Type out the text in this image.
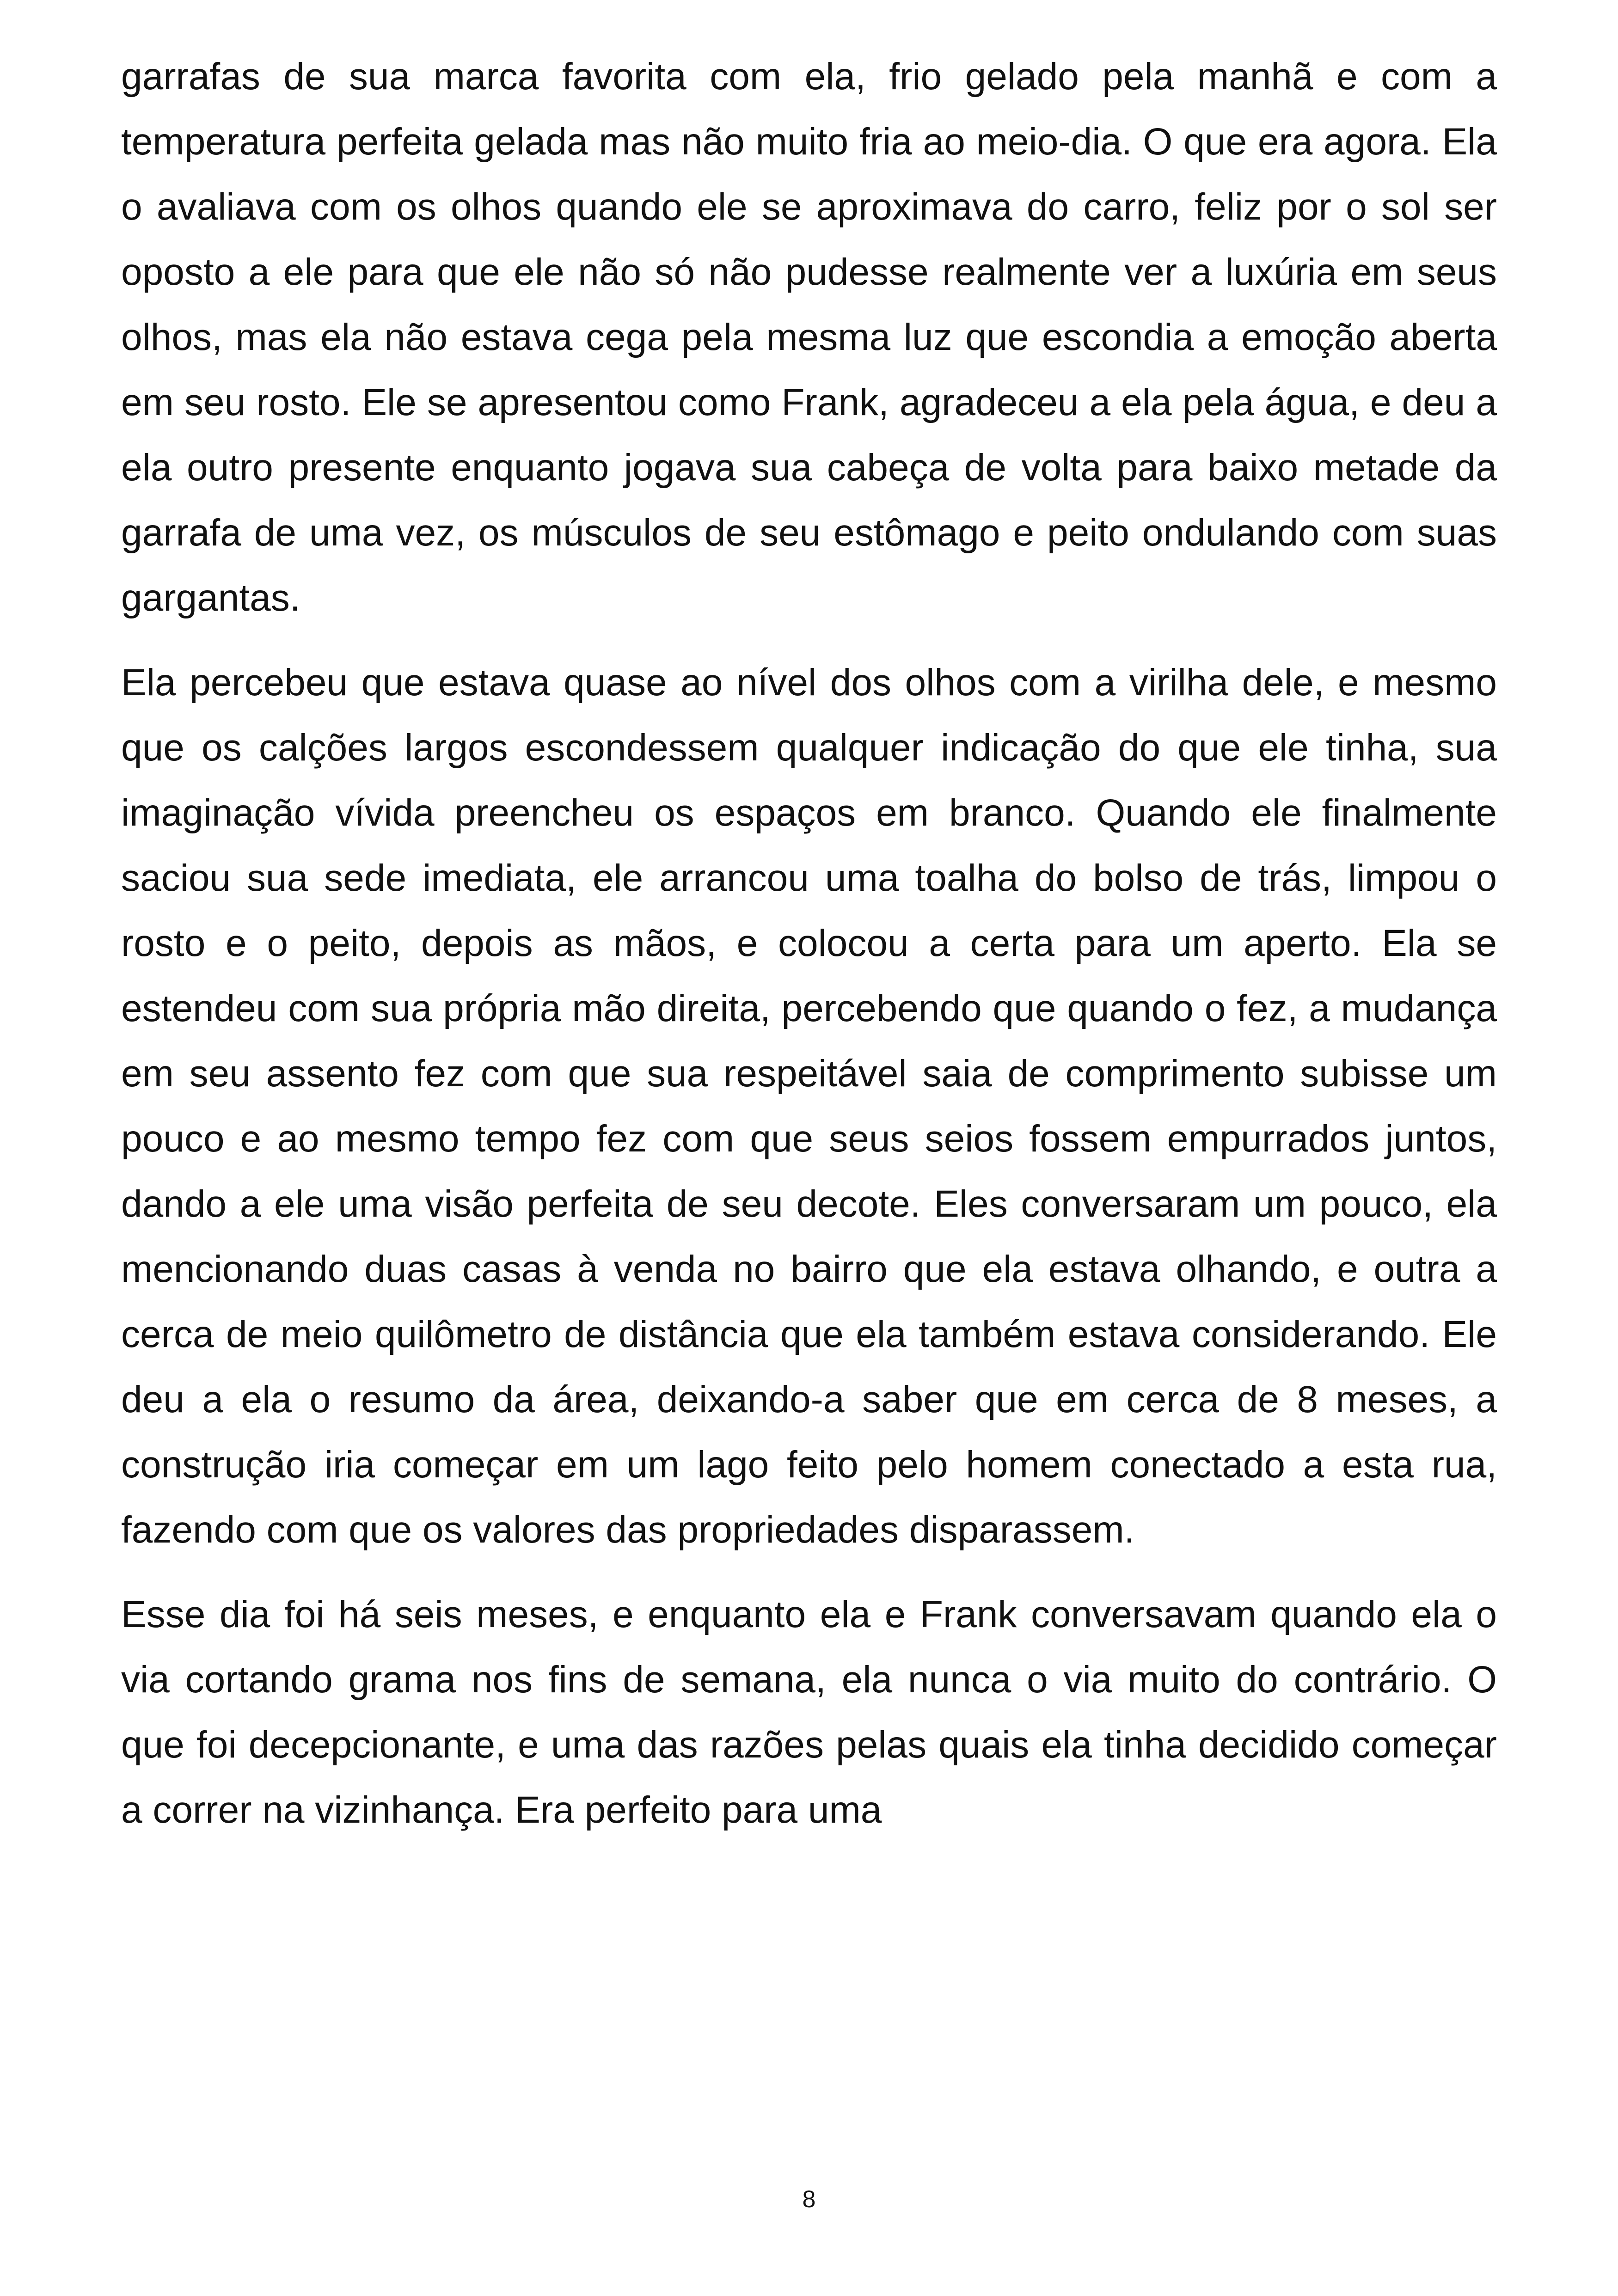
garrafas de sua marca favorita com ela, frio gelado pela manhã e com a temperatura perfeita gelada mas não muito fria ao meio-dia. O que era agora. Ela o avaliava com os olhos quando ele se aproximava do carro, feliz por o sol ser oposto a ele para que ele não só não pudesse realmente ver a luxúria em seus olhos, mas ela não estava cega pela mesma luz que escondia a emoção aberta em seu rosto. Ele se apresentou como Frank, agradeceu a ela pela água, e deu a ela outro presente enquanto jogava sua cabeça de volta para baixo metade da garrafa de uma vez, os músculos de seu estômago e peito ondulando com suas gargantas.

Ela percebeu que estava quase ao nível dos olhos com a virilha dele, e mesmo que os calções largos escondessem qualquer indicação do que ele tinha, sua imaginação vívida preencheu os espaços em branco. Quando ele finalmente saciou sua sede imediata, ele arrancou uma toalha do bolso de trás, limpou o rosto e o peito, depois as mãos, e colocou a certa para um aperto. Ela se estendeu com sua própria mão direita, percebendo que quando o fez, a mudança em seu assento fez com que sua respeitável saia de comprimento subisse um pouco e ao mesmo tempo fez com que seus seios fossem empurrados juntos, dando a ele uma visão perfeita de seu decote. Eles conversaram um pouco, ela mencionando duas casas à venda no bairro que ela estava olhando, e outra a cerca de meio quilômetro de distância que ela também estava considerando. Ele deu a ela o resumo da área, deixando-a saber que em cerca de 8 meses, a construção iria começar em um lago feito pelo homem conectado a esta rua, fazendo com que os valores das propriedades disparassem.

Esse dia foi há seis meses, e enquanto ela e Frank conversavam quando ela o via cortando grama nos fins de semana, ela nunca o via muito do contrário. O que foi decepcionante, e uma das razões pelas quais ela tinha decidido começar a correr na vizinhança. Era perfeito para uma

8
